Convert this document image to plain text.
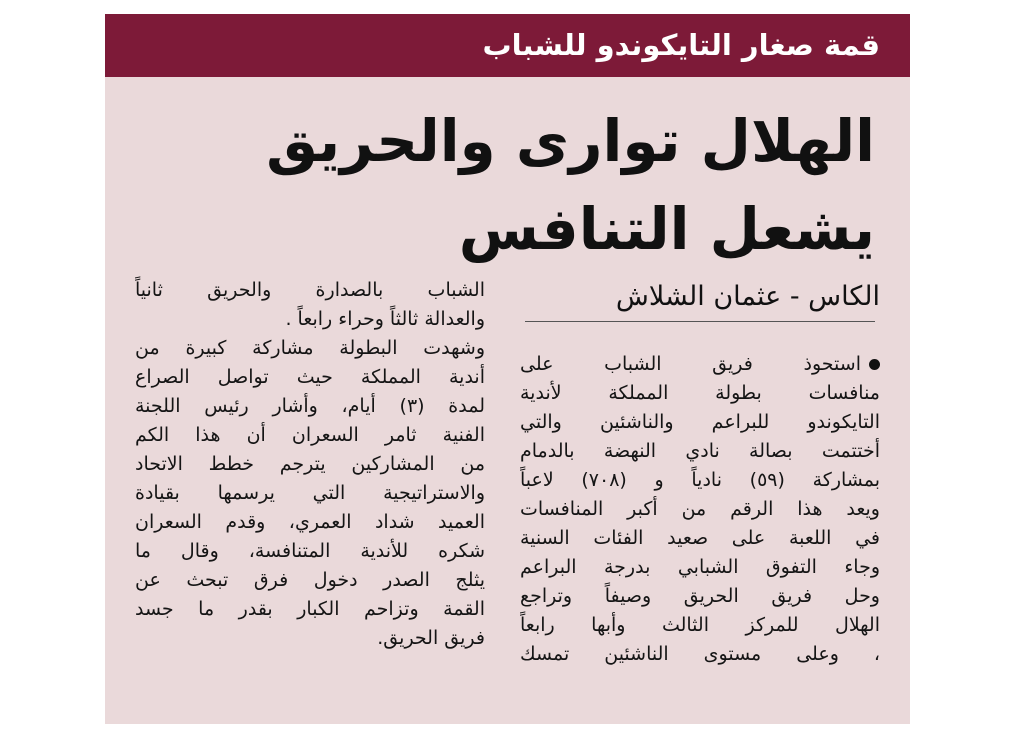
قمة صغار التايكوندو للشباب
الهلال توارى والحريق
يشعل التنافس
الكاس - عثمان الشلاش
استحوذ فريق الشباب على
منافسات بطولة المملكة لأندية
التايكوندو للبراعم والناشئين والتي
أختتمت بصالة نادي النهضة بالدمام
بمشاركة (٥٩) نادياً و (٧٠٨) لاعباً
ويعد هذا الرقم من أكبر المنافسات
في اللعبة على صعيد الفئات السنية
وجاء التفوق الشبابي بدرجة البراعم
وحل فريق الحريق وصيفاً وتراجع
الهلال للمركز الثالث وأبها رابعاً
، وعلى مستوى الناشئين تمسك
الشباب بالصدارة والحريق ثانياً
والعدالة ثالثاً وحراء رابعاً .
وشهدت البطولة مشاركة كبيرة من
أندية المملكة حيث تواصل الصراع
لمدة (٣) أيام، وأشار رئيس اللجنة
الفنية ثامر السعران أن هذا الكم
من المشاركين يترجم خطط الاتحاد
والاستراتيجية التي يرسمها بقيادة
العميد شداد العمري، وقدم السعران
شكره للأندية المتنافسة، وقال ما
يثلج الصدر دخول فرق تبحث عن
القمة وتزاحم الكبار بقدر ما جسد
فريق الحريق.
